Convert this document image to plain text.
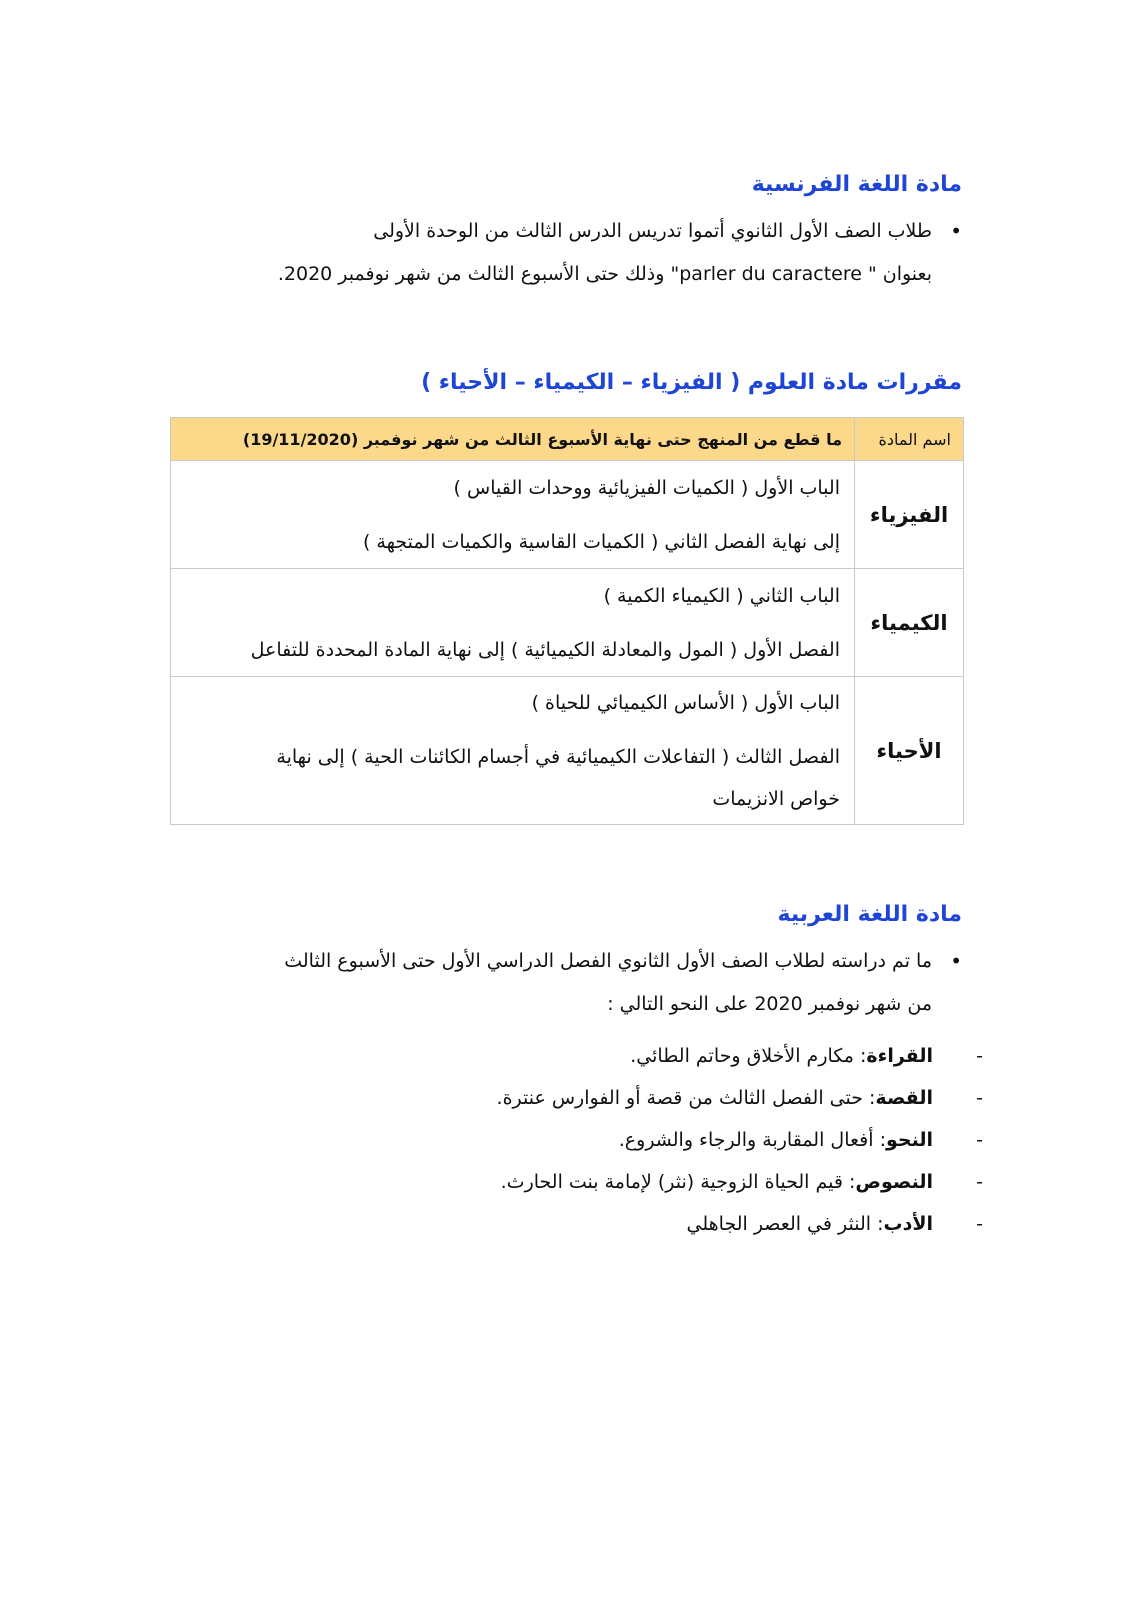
مادة اللغة الفرنسية
•
طلاب الصف الأول الثانوي أتموا تدريس الدرس الثالث من الوحدة الأولى
بعنوان " parler du caractere" وذلك حتى الأسبوع الثالث من شهر نوفمبر 2020.
مقررات مادة العلوم ( الفيزياء – الكيمياء – الأحياء )
اسم المادة	ما قطع من المنهج حتى نهاية الأسبوع الثالث من شهر نوفمبر (19/11/2020)
الفيزياء	الباب الأول ( الكميات الفيزيائية ووحدات القياس )
إلى نهاية الفصل الثاني ( الكميات القاسية والكميات المتجهة )

الكيمياء	الباب الثاني ( الكيمياء الكمية )
الفصل الأول ( المول والمعادلة الكيميائية ) إلى نهاية المادة المحددة للتفاعل

الأحياء	الباب الأول ( الأساس الكيميائي للحياة )
الفصل الثالث ( التفاعلات الكيميائية في أجسام الكائنات الحية ) إلى نهاية
خواص الانزيمات
مادة اللغة العربية
•
ما تم دراسته لطلاب الصف الأول الثانوي الفصل الدراسي الأول حتى الأسبوع الثالث
من شهر نوفمبر 2020 على النحو التالي :
-
القراءة: مكارم الأخلاق وحاتم الطائي.
-
القصة: حتى الفصل الثالث من قصة أو الفوارس عنترة.
-
النحو: أفعال المقاربة والرجاء والشروع.
-
النصوص: قيم الحياة الزوجية (نثر) لإمامة بنت الحارث.
-
الأدب: النثر في العصر الجاهلي
